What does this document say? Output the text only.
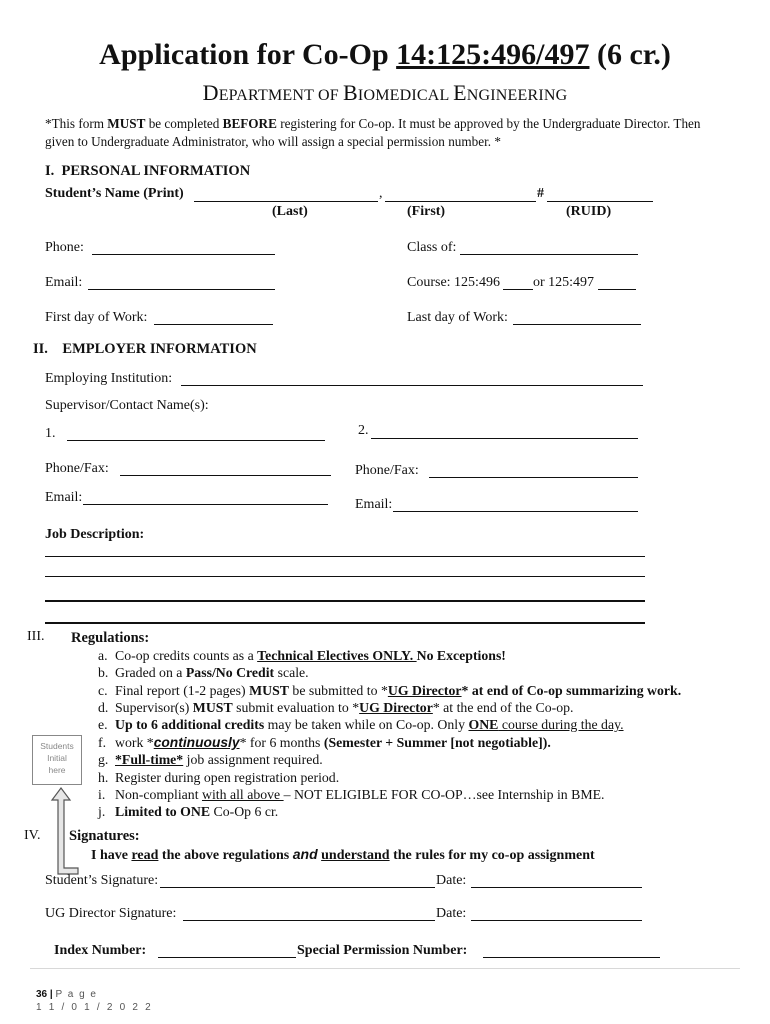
Application for Co-Op 14:125:496/497 (6 cr.)
DEPARTMENT OF BIOMEDICAL ENGINEERING
*This form MUST be completed BEFORE registering for Co-op. It must be approved by the Undergraduate Director. Then given to Undergraduate Administrator, who will assign a special permission number. *
I. PERSONAL INFORMATION
Student’s Name (Print)	,	#
(Last)	(First)	(RUID)
Phone:	Class of:
Email:	Course: 125:496 or 125:497
First day of Work:	Last day of Work:
II. EMPLOYER INFORMATION
Employing Institution:
Supervisor/Contact Name(s):
1.	2.
Phone/Fax:	Phone/Fax:
Email:	Email:
Job Description:
III. Regulations:
a. Co-op credits counts as a Technical Electives ONLY. No Exceptions!
b. Graded on a Pass/No Credit scale.
c. Final report (1-2 pages) MUST be submitted to *UG Director* at end of Co-op summarizing work.
d. Supervisor(s) MUST submit evaluation to *UG Director* at the end of the Co-op.
e. Up to 6 additional credits may be taken while on Co-op. Only ONE course during the day.
f. work *continuously* for 6 months (Semester + Summer [not negotiable]).
g. *Full-time* job assignment required.
h. Register during open registration period.
i. Non-compliant with all above – NOT ELIGIBLE FOR CO-OP…see Internship in BME.
j. Limited to ONE Co-Op 6 cr.
Students
Initial
here
IV. Signatures:
I have read the above regulations and understand the rules for my co-op assignment
Student’s Signature:	Date:
UG Director Signature:	Date:
Index Number:	Special Permission Number:
36 | P a g e
1 1 / 0 1 / 2 0 2 2
